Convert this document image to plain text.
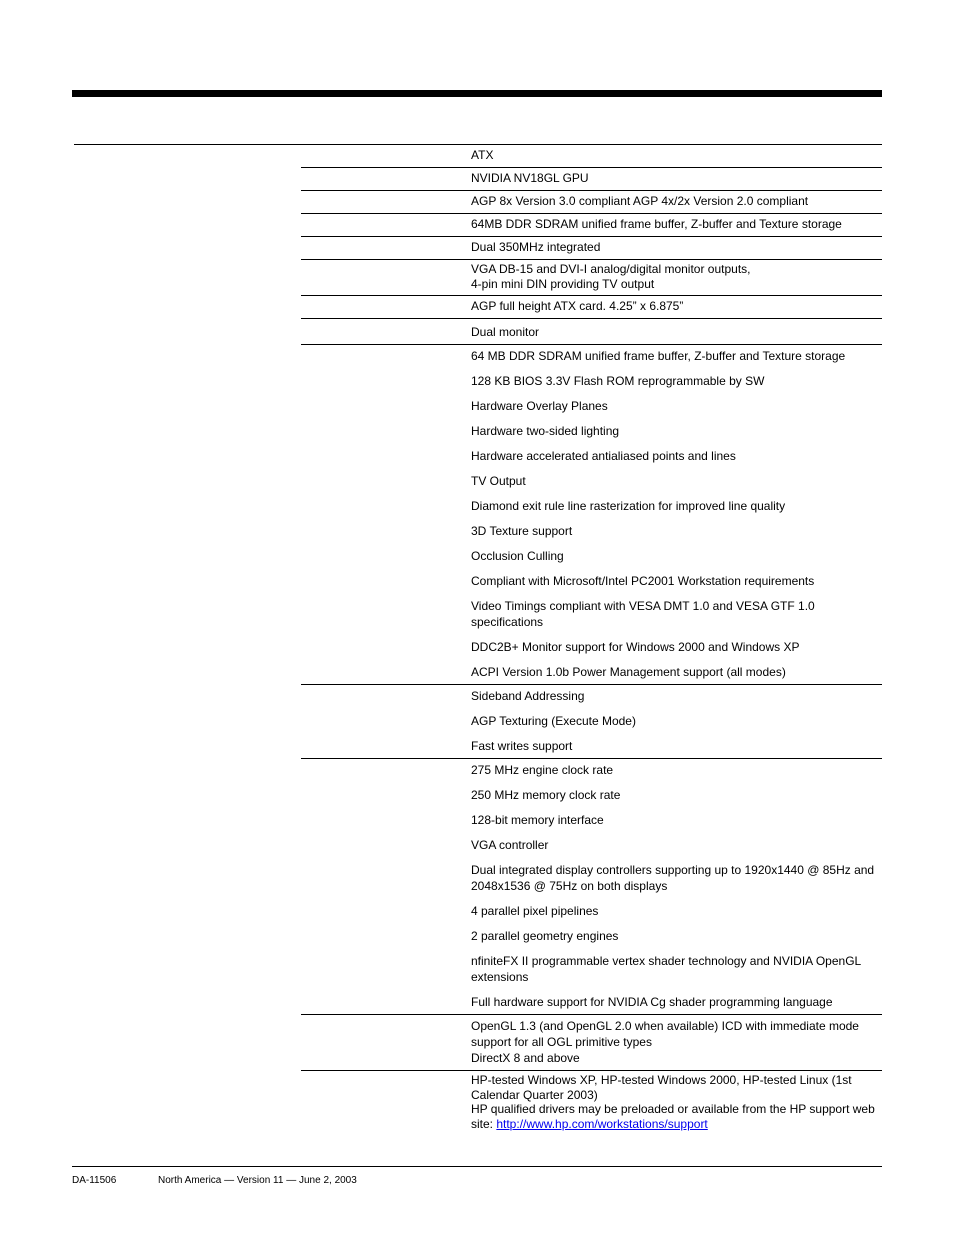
ATX
NVIDIA NV18GL GPU
AGP 8x Version 3.0 compliant AGP 4x/2x Version 2.0 compliant
64MB DDR SDRAM unified frame buffer, Z-buffer and Texture storage
Dual 350MHz integrated
VGA DB-15 and DVI-I analog/digital monitor outputs,
4-pin mini DIN providing TV output
AGP full height ATX card. 4.25” x 6.875”
Dual monitor
64 MB DDR SDRAM unified frame buffer, Z-buffer and Texture storage
128 KB BIOS 3.3V Flash ROM reprogrammable by SW
Hardware Overlay Planes
Hardware two-sided lighting
Hardware accelerated antialiased points and lines
TV Output
Diamond exit rule line rasterization for improved line quality
3D Texture support
Occlusion Culling
Compliant with Microsoft/Intel PC2001 Workstation requirements
Video Timings compliant with VESA DMT 1.0 and VESA GTF 1.0 specifications
DDC2B+ Monitor support for Windows 2000 and Windows XP
ACPI Version 1.0b Power Management support (all modes)
Sideband Addressing
AGP Texturing (Execute Mode)
Fast writes support
275 MHz engine clock rate
250 MHz memory clock rate
128-bit memory interface
VGA controller
Dual integrated display controllers supporting up to 1920x1440 @ 85Hz and 2048x1536 @ 75Hz on both displays
4 parallel pixel pipelines
2 parallel geometry engines
nfiniteFX II programmable vertex shader technology and NVIDIA OpenGL extensions
Full hardware support for NVIDIA Cg shader programming language
OpenGL 1.3 (and OpenGL 2.0 when available) ICD with immediate mode support for all OGL primitive types
DirectX 8 and above
HP-tested Windows XP, HP-tested Windows 2000, HP-tested Linux (1st Calendar Quarter 2003)
HP qualified drivers may be preloaded or available from the HP support web site: http://www.hp.com/workstations/support
DA-11506	North America — Version 11 — June 2, 2003
